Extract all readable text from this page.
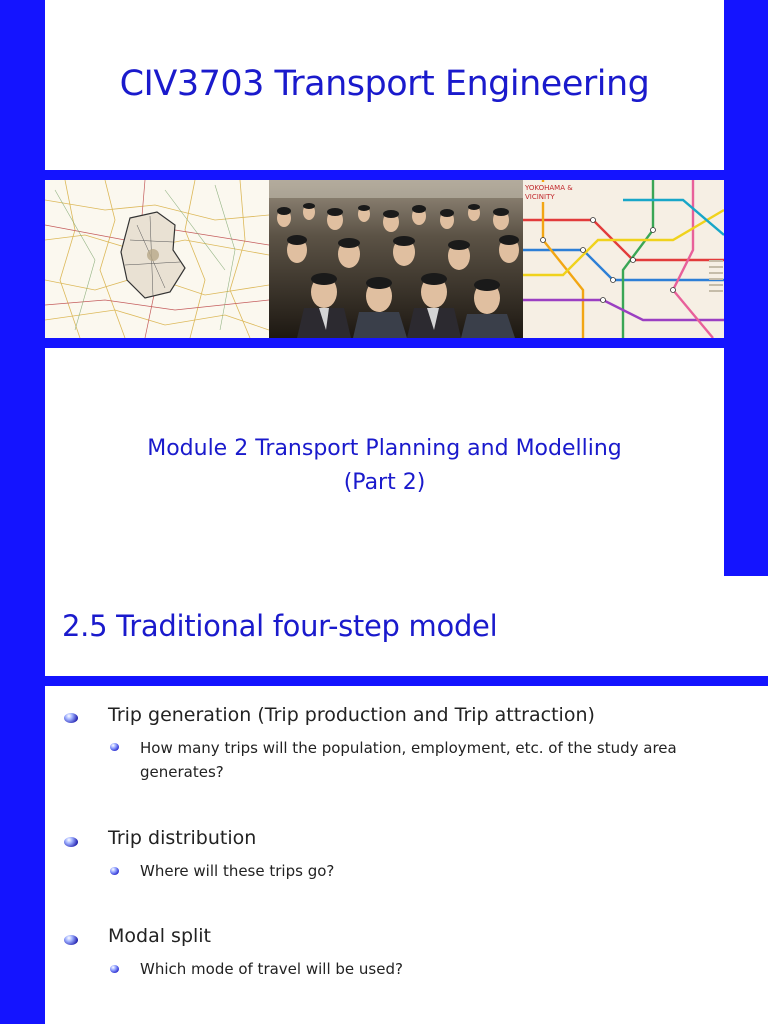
CIV3703 Transport Engineering
YOKOHAMA &
VICINITY
Module 2 Transport Planning and Modelling
(Part 2)
2.5 Traditional four-step model
Trip generation (Trip production and Trip attraction)
How many trips will the population, employment, etc. of the study area generates?
Trip distribution
Where will these trips go?
Modal split
Which mode of travel will be used?
